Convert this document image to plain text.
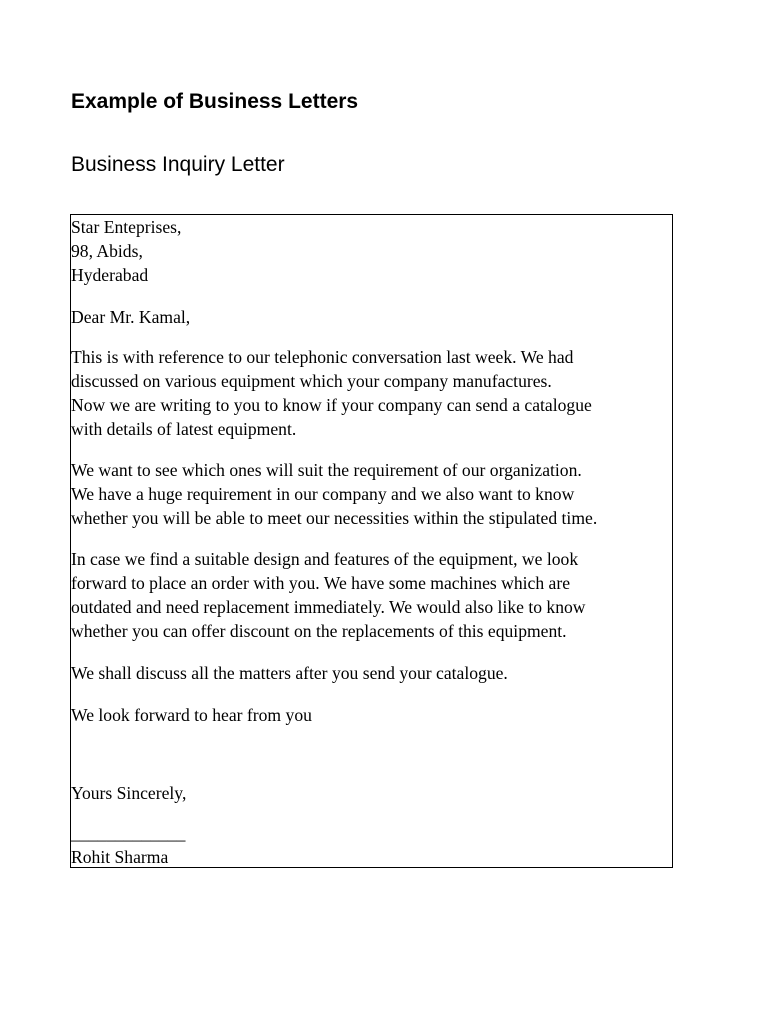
Example of Business Letters
Business Inquiry Letter
Star Enteprises,
98, Abids,
Hyderabad
Dear Mr. Kamal,
This is with reference to our telephonic conversation last week. We had
discussed on various equipment which your company manufactures.
Now we are writing to you to know if your company can send a catalogue
with details of latest equipment.
We want to see which ones will suit the requirement of our organization.
We have a huge requirement in our company and we also want to know
whether you will be able to meet our necessities within the stipulated time.
In case we find a suitable design and features of the equipment, we look
forward to place an order with you. We have some machines which are
outdated and need replacement immediately. We would also like to know
whether you can offer discount on the replacements of this equipment.
We shall discuss all the matters after you send your catalogue.
We look forward to hear from you
Yours Sincerely,
_____________
Rohit Sharma
